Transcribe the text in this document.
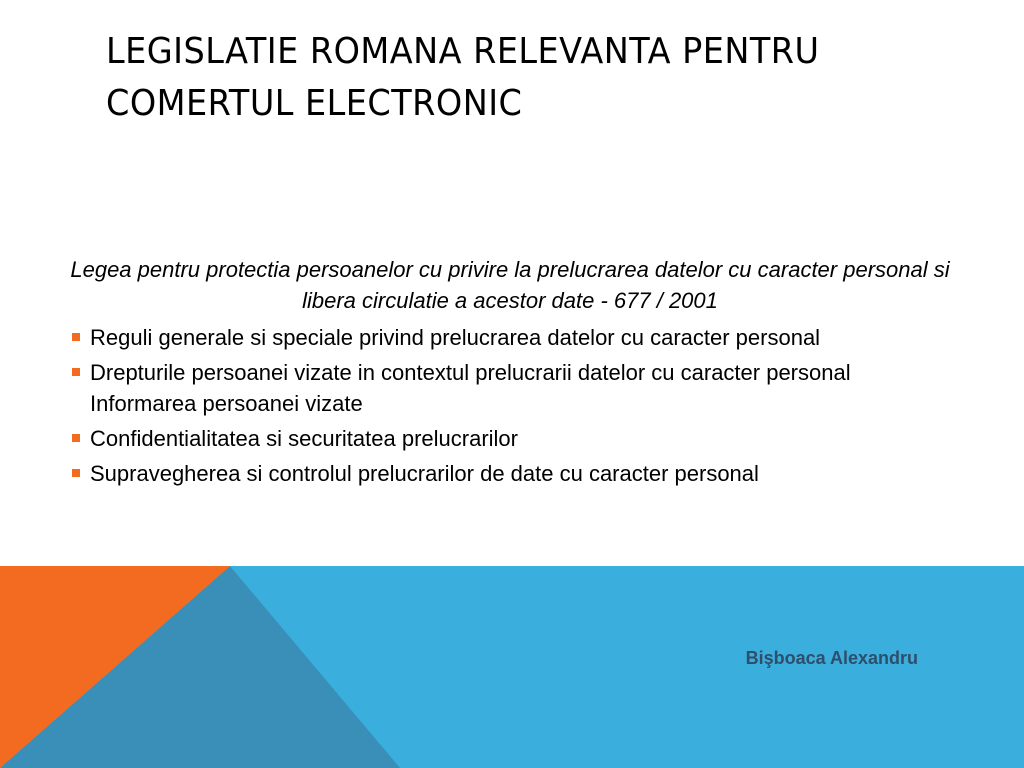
LEGISLATIE ROMANA RELEVANTA PENTRU
COMERTUL ELECTRONIC

Legea pentru protectia persoanelor cu privire la prelucrarea datelor cu caracter personal si libera circulatie a acestor date - 677 / 2001

Reguli generale si speciale privind prelucrarea datelor cu caracter personal
Drepturile persoanei vizate in contextul prelucrarii datelor cu caracter personal Informarea persoanei vizate
Confidentialitatea si securitatea prelucrarilor
Supravegherea si controlul prelucrarilor de date cu caracter personal

Bişboaca Alexandru
